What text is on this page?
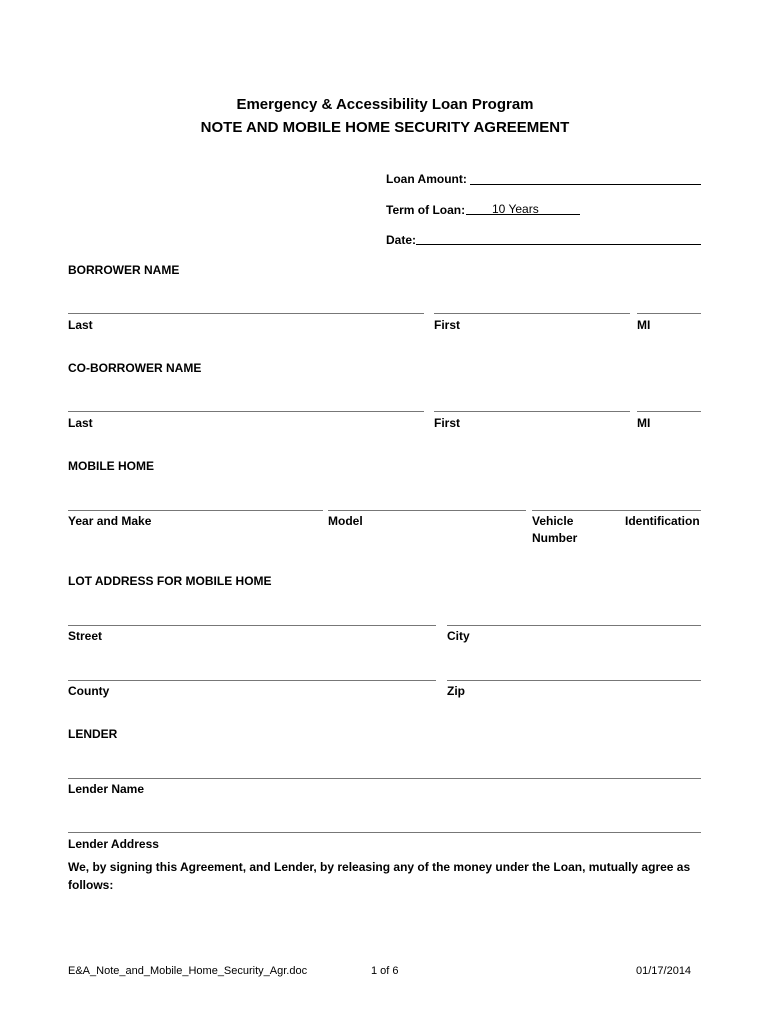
Emergency & Accessibility Loan Program
NOTE AND MOBILE HOME SECURITY AGREEMENT
Loan Amount:
Term of Loan: 10 Years
Date:
BORROWER NAME
Last	First	MI
CO-BORROWER NAME
Last	First	MI
MOBILE HOME
Year and Make	Model	Vehicle	Identification
Number
LOT ADDRESS FOR MOBILE HOME
Street	City
County	Zip
LENDER
Lender Name
Lender Address
We, by signing this Agreement, and Lender, by releasing any of the money under the Loan, mutually agree as
follows:
E&A_Note_and_Mobile_Home_Security_Agr.doc	1 of 6	01/17/2014
